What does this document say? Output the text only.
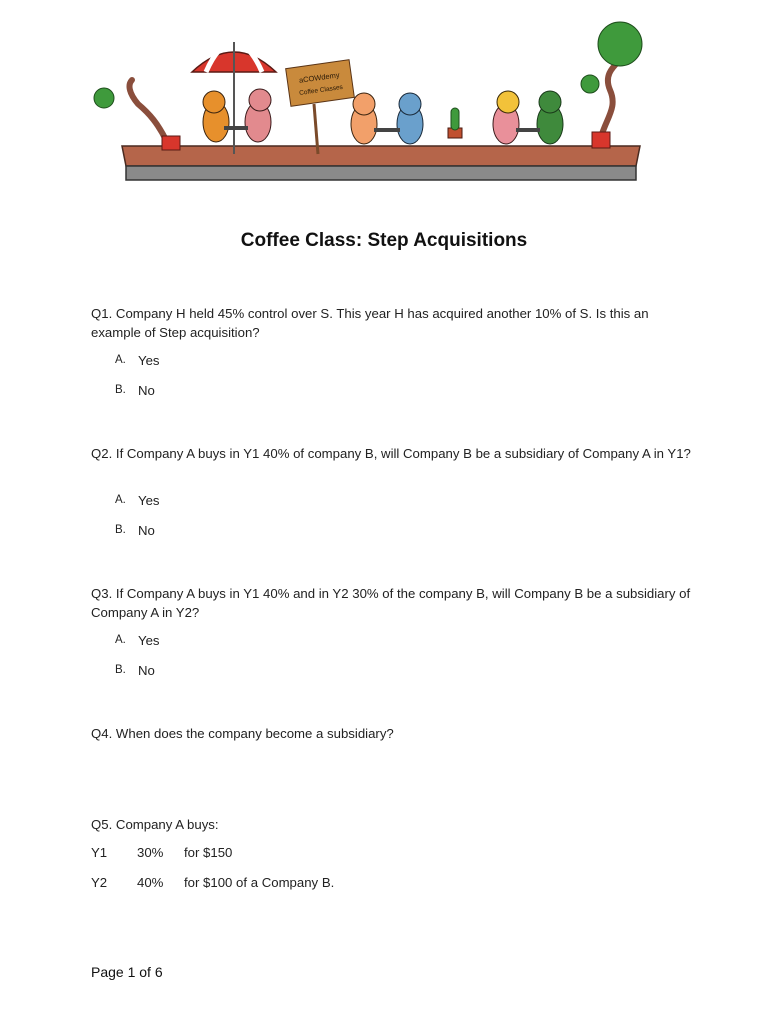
aCOWdemy
Coffee Classes
Coffee Class: Step Acquisitions
Q1. Company H held 45% control over S. This year H has acquired another 10% of S. Is this an example of Step acquisition?
A. Yes
B. No
Q2. If Company A buys in Y1 40% of company B, will Company B be a subsidiary of Company A in Y1?
A. Yes
B. No
Q3. If Company A buys in Y1 40% and in Y2 30% of the company B, will Company B be a subsidiary of Company A in Y2?
A. Yes
B. No
Q4. When does the company become a subsidiary?
Q5. Company A buys:
Y1 30% for $150
Y2 40% for $100 of a Company B.
Page 1 of 6
